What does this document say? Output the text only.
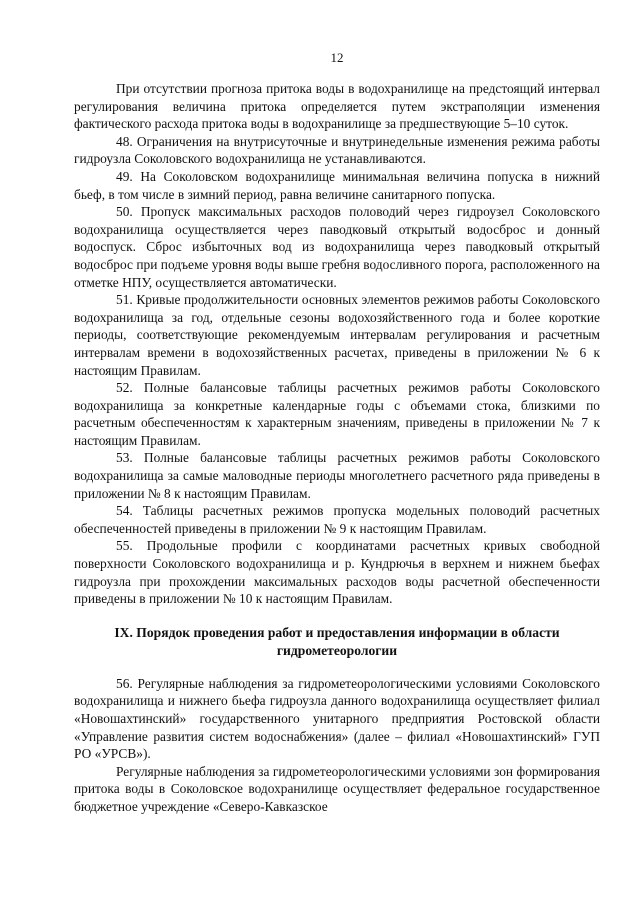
12

При отсутствии прогноза притока воды в водохранилище на предстоящий интервал регулирования величина притока определяется путем экстраполяции изменения фактического расхода притока воды в водохранилище за предшествующие 5–10 суток.

48. Ограничения на внутрисуточные и внутринедельные изменения режима работы гидроузла Соколовского водохранилища не устанавливаются.

49. На Соколовском водохранилище минимальная величина попуска в нижний бьеф, в том числе в зимний период, равна величине санитарного попуска.

50. Пропуск максимальных расходов половодий через гидроузел Соколовского водохранилища осуществляется через паводковый открытый водосброс и донный водоспуск. Сброс избыточных вод из водохранилища через паводковый открытый водосброс при подъеме уровня воды выше гребня водосливного порога, расположенного на отметке НПУ, осуществляется автоматически.

51. Кривые продолжительности основных элементов режимов работы Соколовского водохранилища за год, отдельные сезоны водохозяйственного года и более короткие периоды, соответствующие рекомендуемым интервалам регулирования и расчетным интервалам времени в водохозяйственных расчетах, приведены в приложении № 6 к настоящим Правилам.

52. Полные балансовые таблицы расчетных режимов работы Соколовского водохранилища за конкретные календарные годы с объемами стока, близкими по расчетным обеспеченностям к характерным значениям, приведены в приложении № 7 к настоящим Правилам.

53. Полные балансовые таблицы расчетных режимов работы Соколовского водохранилища за самые маловодные периоды многолетнего расчетного ряда приведены в приложении № 8 к настоящим Правилам.

54. Таблицы расчетных режимов пропуска модельных половодий расчетных обеспеченностей приведены в приложении № 9 к настоящим Правилам.

55. Продольные профили с координатами расчетных кривых свободной поверхности Соколовского водохранилища и р. Кундрючья в верхнем и нижнем бьефах гидроузла при прохождении максимальных расходов воды расчетной обеспеченности приведены в приложении № 10 к настоящим Правилам.

IX. Порядок проведения работ и предоставления информации в области гидрометеорологии

56. Регулярные наблюдения за гидрометеорологическими условиями Соколовского водохранилища и нижнего бьефа гидроузла данного водохранилища осуществляет филиал «Новошахтинский» государственного унитарного предприятия Ростовской области «Управление развития систем водоснабжения» (далее – филиал «Новошахтинский» ГУП РО «УРСВ»).

Регулярные наблюдения за гидрометеорологическими условиями зон формирования притока воды в Соколовское водохранилище осуществляет федеральное государственное бюджетное учреждение «Северо-Кавказское
